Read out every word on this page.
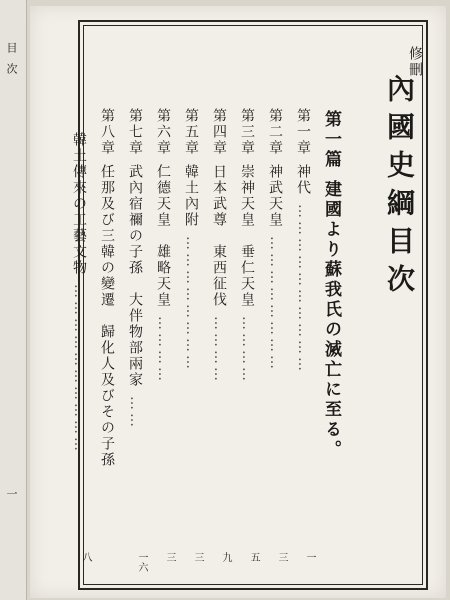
目次
一
修刪
內國史綱目次
第一篇建國より蘇我氏の滅亡に至る。
第一章神代…………………………
一
第二章神武天皇……………………
三
第三章崇神天皇　垂仁天皇…………
五
第四章日本武尊　東西征伐…………
九
第五章韓土內附……………………
三
第六章仁德天皇　雄略天皇…………
三
第七章武內宿禰の子孫　大伴物部兩家……
一六
第八章任那及び三韓の變遷　歸化人及びその子孫
韓土傳來の工藝文物…………………………
八
